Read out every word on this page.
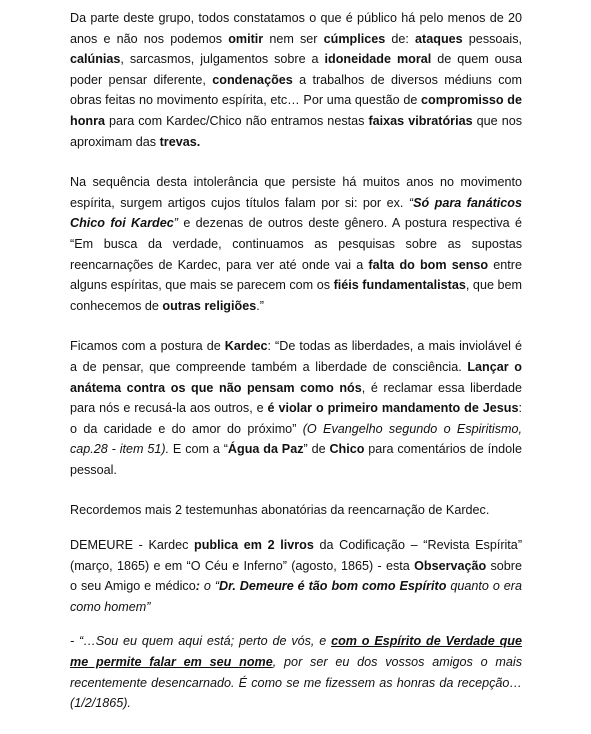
Da parte deste grupo, todos constatamos o que é público há pelo menos de 20 anos e não nos podemos omitir nem ser cúmplices de: ataques pessoais, calúnias, sarcasmos, julgamentos sobre a idoneidade moral de quem ousa poder pensar diferente, condenações a trabalhos de diversos médiuns com obras feitas no movimento espírita, etc… Por uma questão de compromisso de honra para com Kardec/Chico não entramos nestas faixas vibratórias que nos aproximam das trevas.

Na sequência desta intolerância que persiste há muitos anos no movimento espírita, surgem artigos cujos títulos falam por si: por ex. “Só para fanáticos Chico foi Kardec” e dezenas de outros deste gênero. A postura respectiva é “Em busca da verdade, continuamos as pesquisas sobre as supostas reencarnações de Kardec, para ver até onde vai a falta do bom senso entre alguns espíritas, que mais se parecem com os fiéis fundamentalistas, que bem conhecemos de outras religiões.”

Ficamos com a postura de Kardec: “De todas as liberdades, a mais inviolável é a de pensar, que compreende também a liberdade de consciência. Lançar o anátema contra os que não pensam como nós, é reclamar essa liberdade para nós e recusá-la aos outros, e é violar o primeiro mandamento de Jesus: o da caridade e do amor do próximo” (O Evangelho segundo o Espiritismo, cap.28 - item 51). E com a “Água da Paz” de Chico para comentários de índole pessoal.

Recordemos mais 2 testemunhas abonatórias da reencarnação de Kardec.

DEMEURE - Kardec publica em 2 livros da Codificação – “Revista Espírita” (março, 1865) e em “O Céu e Inferno” (agosto, 1865) - esta Observação sobre o seu Amigo e médico: o “Dr. Demeure é tão bom como Espírito quanto o era como homem”

- “…Sou eu quem aqui está; perto de vós, e com o Espírito de Verdade que me permite falar em seu nome, por ser eu dos vossos amigos o mais recentemente desencarnado. É como se me fizessem as honras da recepção… (1/2/1865).
